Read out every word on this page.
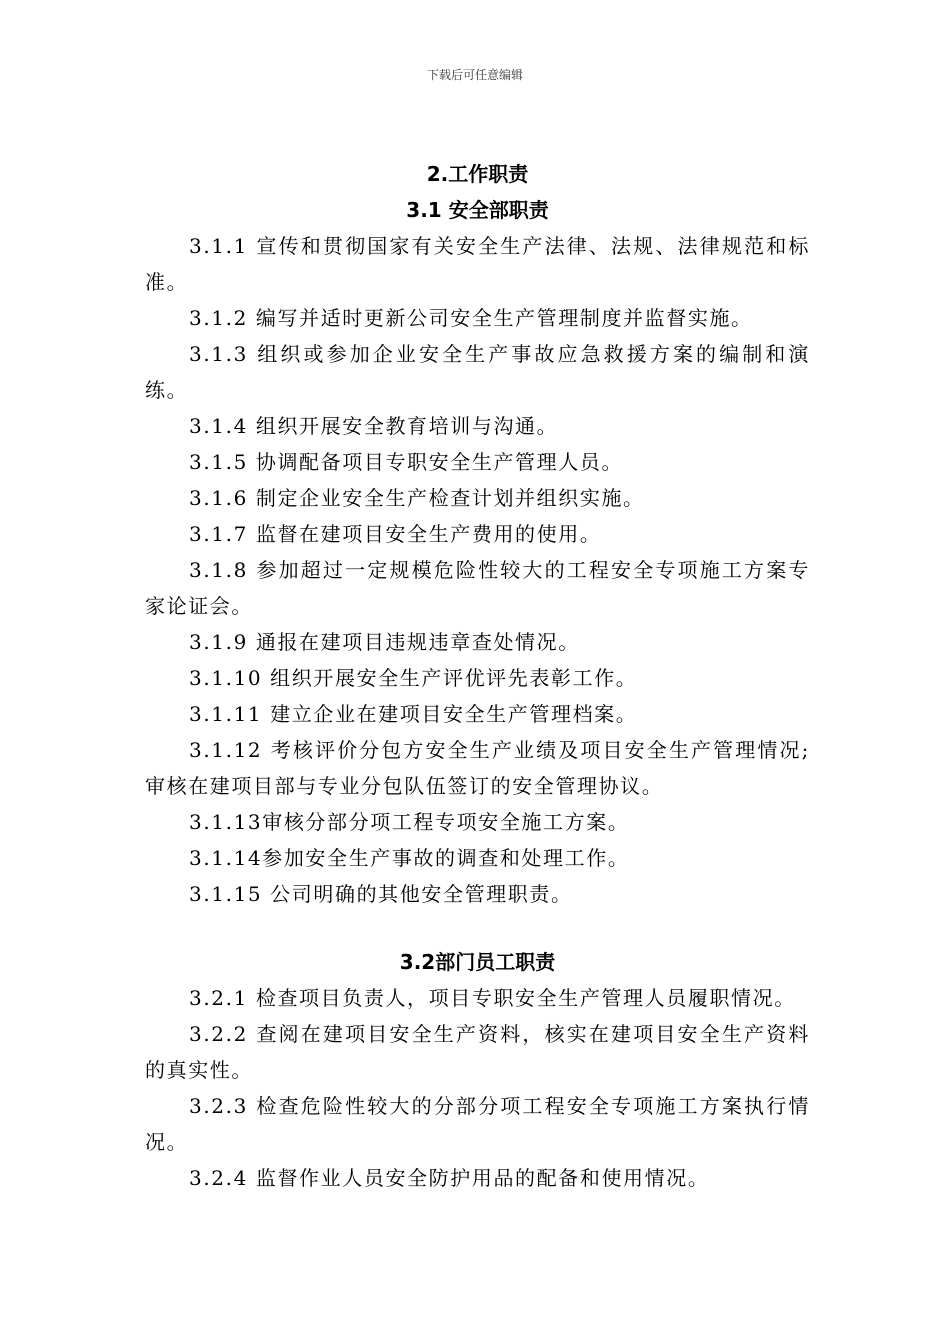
下载后可任意编辑
2.工作职责
3.1 安全部职责

3.1.1 宣传和贯彻国家有关安全生产法律、法规、法律规范和标准。

3.1.2 编写并适时更新公司安全生产管理制度并监督实施。

3.1.3 组织或参加企业安全生产事故应急救援方案的编制和演练。

3.1.4 组织开展安全教育培训与沟通。

3.1.5 协调配备项目专职安全生产管理人员。

3.1.6 制定企业安全生产检查计划并组织实施。

3.1.7 监督在建项目安全生产费用的使用。

3.1.8 参加超过一定规模危险性较大的工程安全专项施工方案专家论证会。

3.1.9 通报在建项目违规违章查处情况。

3.1.10 组织开展安全生产评优评先表彰工作。

3.1.11 建立企业在建项目安全生产管理档案。

3.1.12 考核评价分包方安全生产业绩及项目安全生产管理情况;审核在建项目部与专业分包队伍签订的安全管理协议。

3.1.13审核分部分项工程专项安全施工方案。

3.1.14参加安全生产事故的调查和处理工作。

3.1.15 公司明确的其他安全管理职责。

3.2部门员工职责

3.2.1 检查项目负责人，项目专职安全生产管理人员履职情况。

3.2.2 查阅在建项目安全生产资料，核实在建项目安全生产资料的真实性。

3.2.3 检查危险性较大的分部分项工程安全专项施工方案执行情况。

3.2.4 监督作业人员安全防护用品的配备和使用情况。
